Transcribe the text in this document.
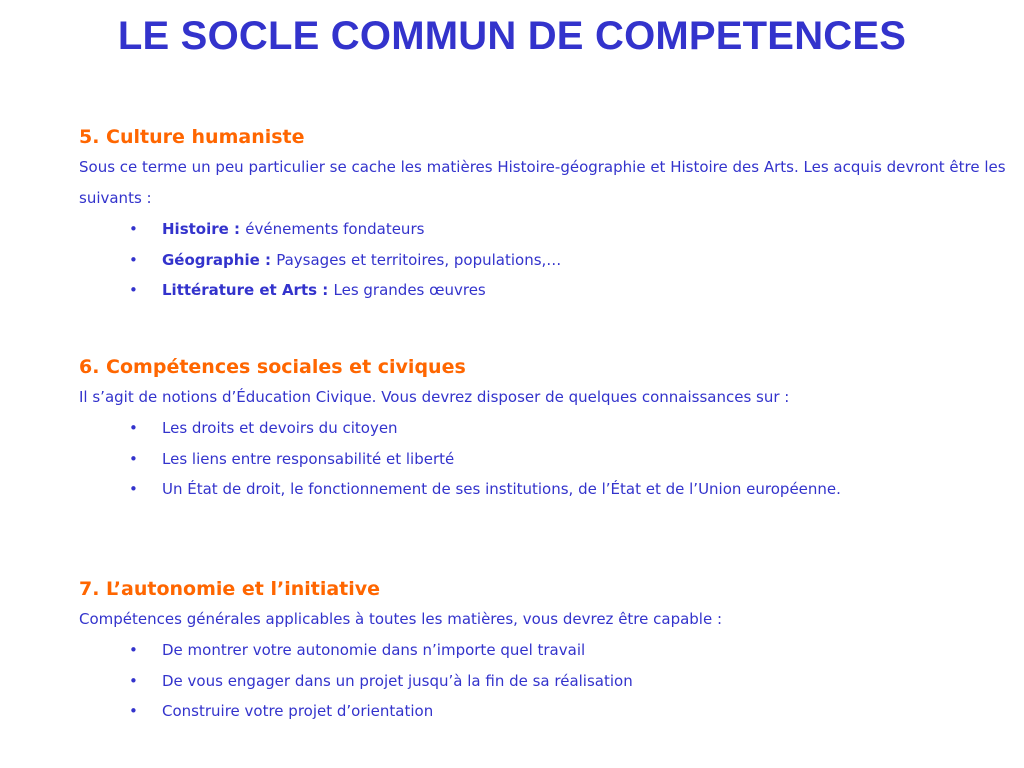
LE SOCLE COMMUN DE COMPETENCES

5. Culture humaniste

Sous ce terme un peu particulier se cache les matières Histoire-géographie et Histoire des Arts. Les acquis devront être les suivants :

• Histoire : événements fondateurs
• Géographie : Paysages et territoires, populations,…
• Littérature et Arts : Les grandes œuvres

6. Compétences sociales et civiques

Il s’agit de notions d’Éducation Civique. Vous devrez disposer de quelques connaissances sur :

• Les droits et devoirs du citoyen
• Les liens entre responsabilité et liberté
• Un État de droit, le fonctionnement de ses institutions, de l’État et de l’Union européenne.

7. L’autonomie et l’initiative

Compétences générales applicables à toutes les matières, vous devrez être capable :

• De montrer votre autonomie dans n’importe quel travail
• De vous engager dans un projet jusqu’à la fin de sa réalisation
• Construire votre projet d’orientation
